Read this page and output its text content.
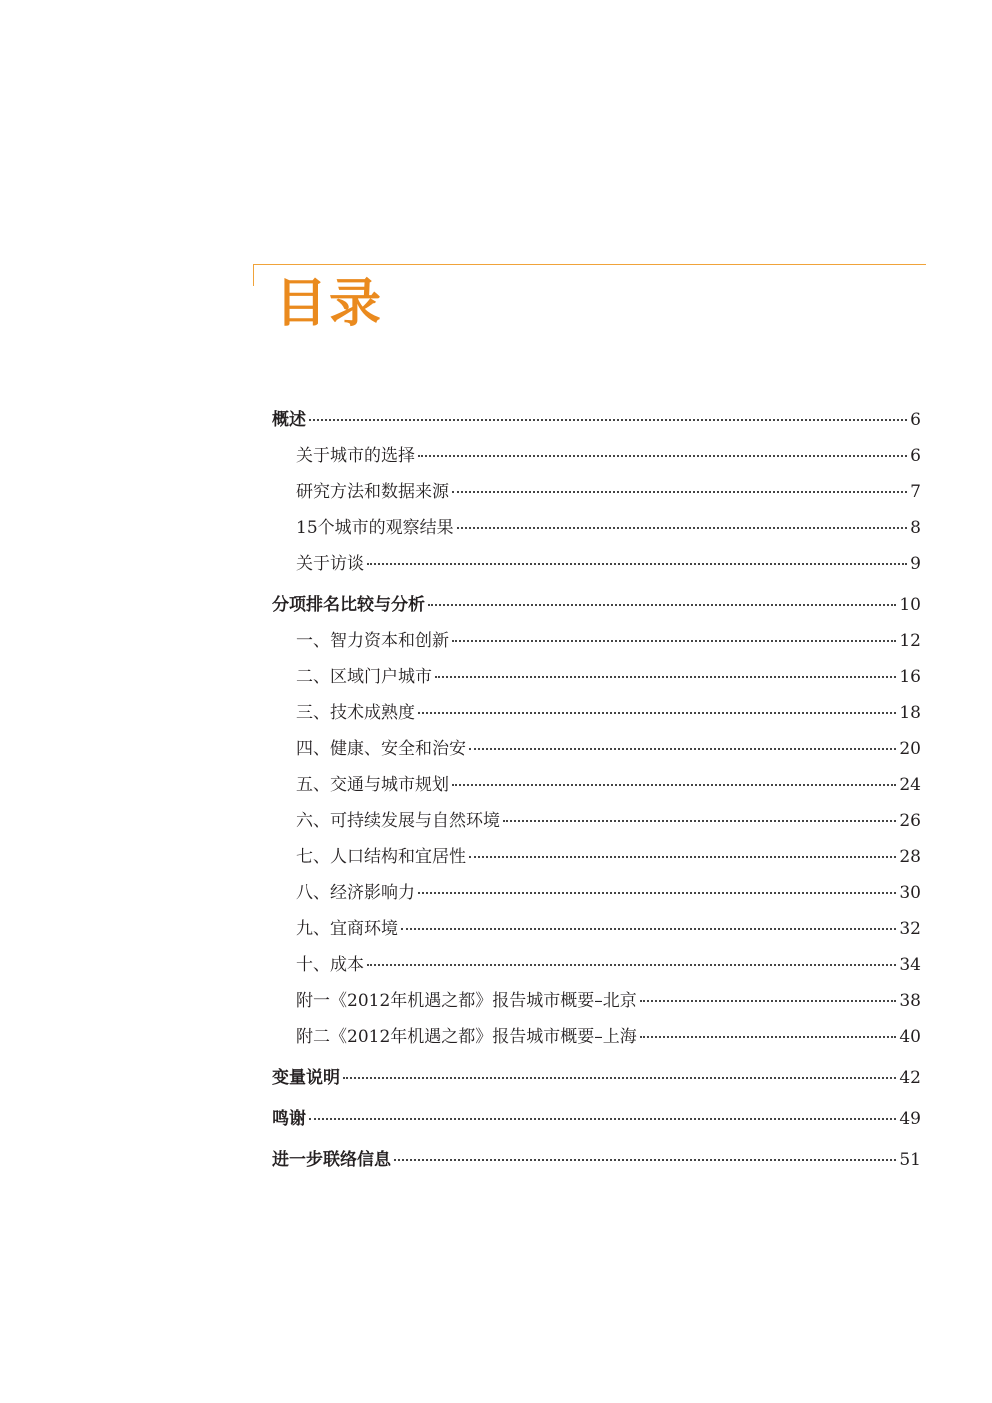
目录
概述	6
关于城市的选择	6
研究方法和数据来源	7
15个城市的观察结果	8
关于访谈	9
分项排名比较与分析	10
一、智力资本和创新	12
二、区域门户城市	16
三、技术成熟度	18
四、健康、安全和治安	20
五、交通与城市规划	24
六、可持续发展与自然环境	26
七、人口结构和宜居性	28
八、经济影响力	30
九、宜商环境	32
十、成本	34
附一《2012年机遇之都》报告城市概要–北京	38
附二《2012年机遇之都》报告城市概要–上海	40
变量说明	42
鸣谢	49
进一步联络信息	51
